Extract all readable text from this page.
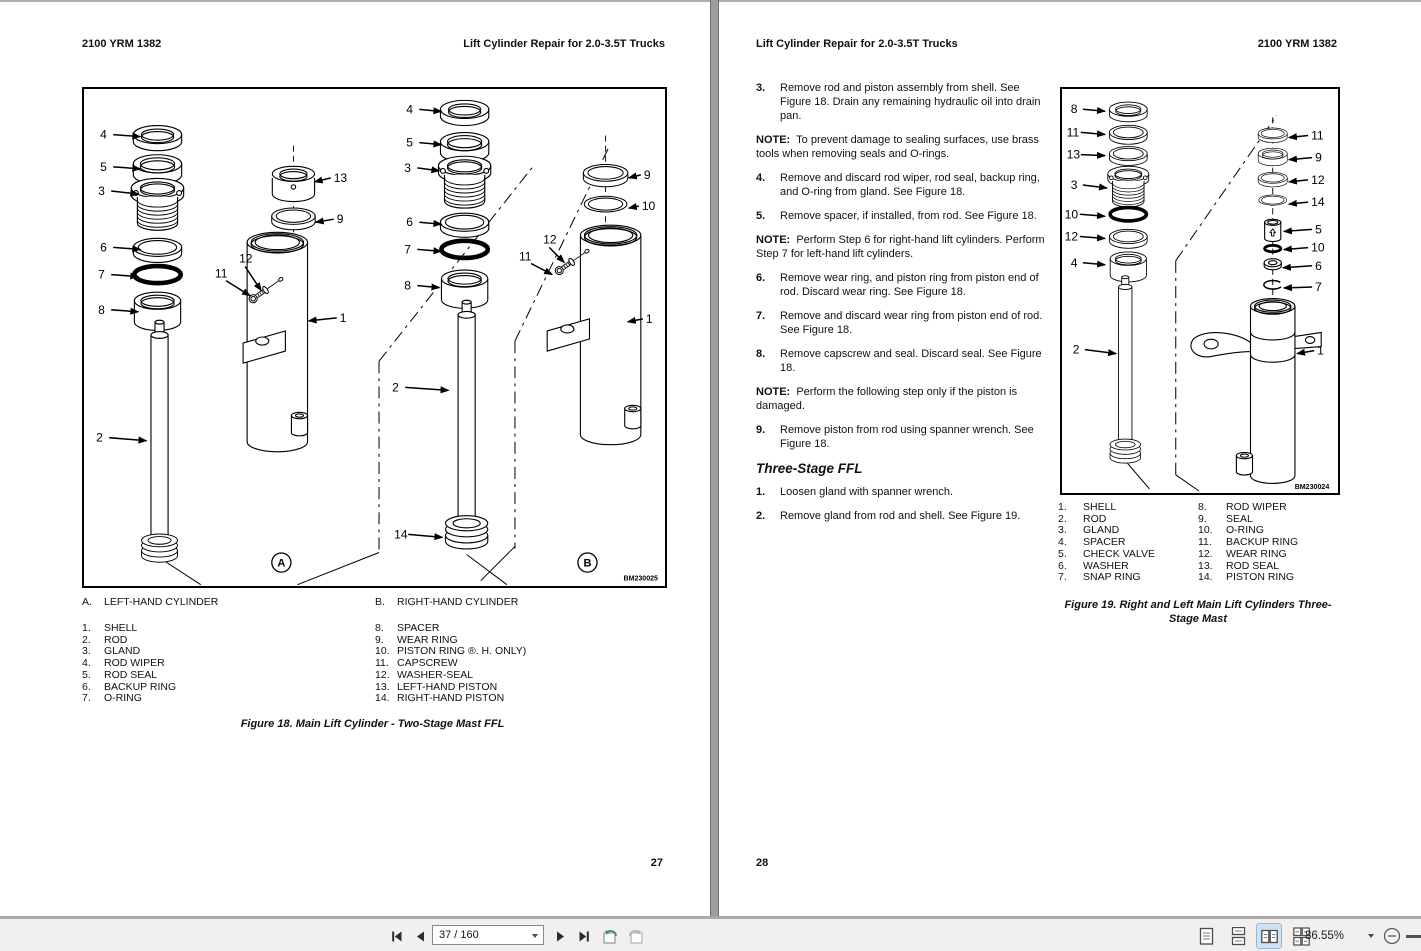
2100 YRM 1382	Lift Cylinder Repair for 2.0-3.5T Trucks
4
5
3
6
7
8
2
13
9
1
11
12
4
5
3
6
7
8
2
14
9
10
1
11
12
A	B
BM230025
A.	LEFT-HAND CYLINDER	B.	RIGHT-HAND CYLINDER
1.	SHELL
2.	ROD
3.	GLAND
4.	ROD WIPER
5.	ROD SEAL
6.	BACKUP RING
7.	O-RING
8.	SPACER
9.	WEAR RING
10. PISTON RING ®. H. ONLY)
11. CAPSCREW
12. WASHER-SEAL
13. LEFT-HAND PISTON
14. RIGHT-HAND PISTON
Figure 18. Main Lift Cylinder - Two-Stage Mast FFL
27
Lift Cylinder Repair for 2.0-3.5T Trucks	2100 YRM 1382
3.	Remove rod and piston assembly from shell. See Figure 18. Drain any remaining hydraulic oil into drain pan.
NOTE:  To prevent damage to sealing surfaces, use brass tools when removing seals and O-rings.
4.	Remove and discard rod wiper, rod seal, backup ring, and O-ring from gland. See Figure 18.
5.	Remove spacer, if installed, from rod. See Figure 18.
NOTE:  Perform Step 6 for right-hand lift cylinders. Perform Step 7 for left-hand lift cylinders.
6.	Remove wear ring, and piston ring from piston end of rod. Discard wear ring. See Figure 18.
7.	Remove and discard wear ring from piston end of rod. See Figure 18.
8.	Remove capscrew and seal. Discard seal. See Figure 18.
NOTE:  Perform the following step only if the piston is damaged.
9.	Remove piston from rod using spanner wrench. See Figure 18.
Three-Stage FFL
1.	Loosen gland with spanner wrench.
2.	Remove gland from rod and shell. See Figure 19.
8
11
13
3
10
12
4
2
11
9
12
14
5
10
6
7
1
BM230024
1.	SHELL
2.	ROD
3.	GLAND
4.	SPACER
5.	CHECK VALVE
6.	WASHER
7.	SNAP RING
8.	ROD WIPER
9.	SEAL
10.	O-RING
11.	BACKUP RING
12.	WEAR RING
13.	ROD SEAL
14.	PISTON RING
Figure 19. Right and Left Main Lift Cylinders Three-
Stage Mast
28
37 / 160	86.55%
